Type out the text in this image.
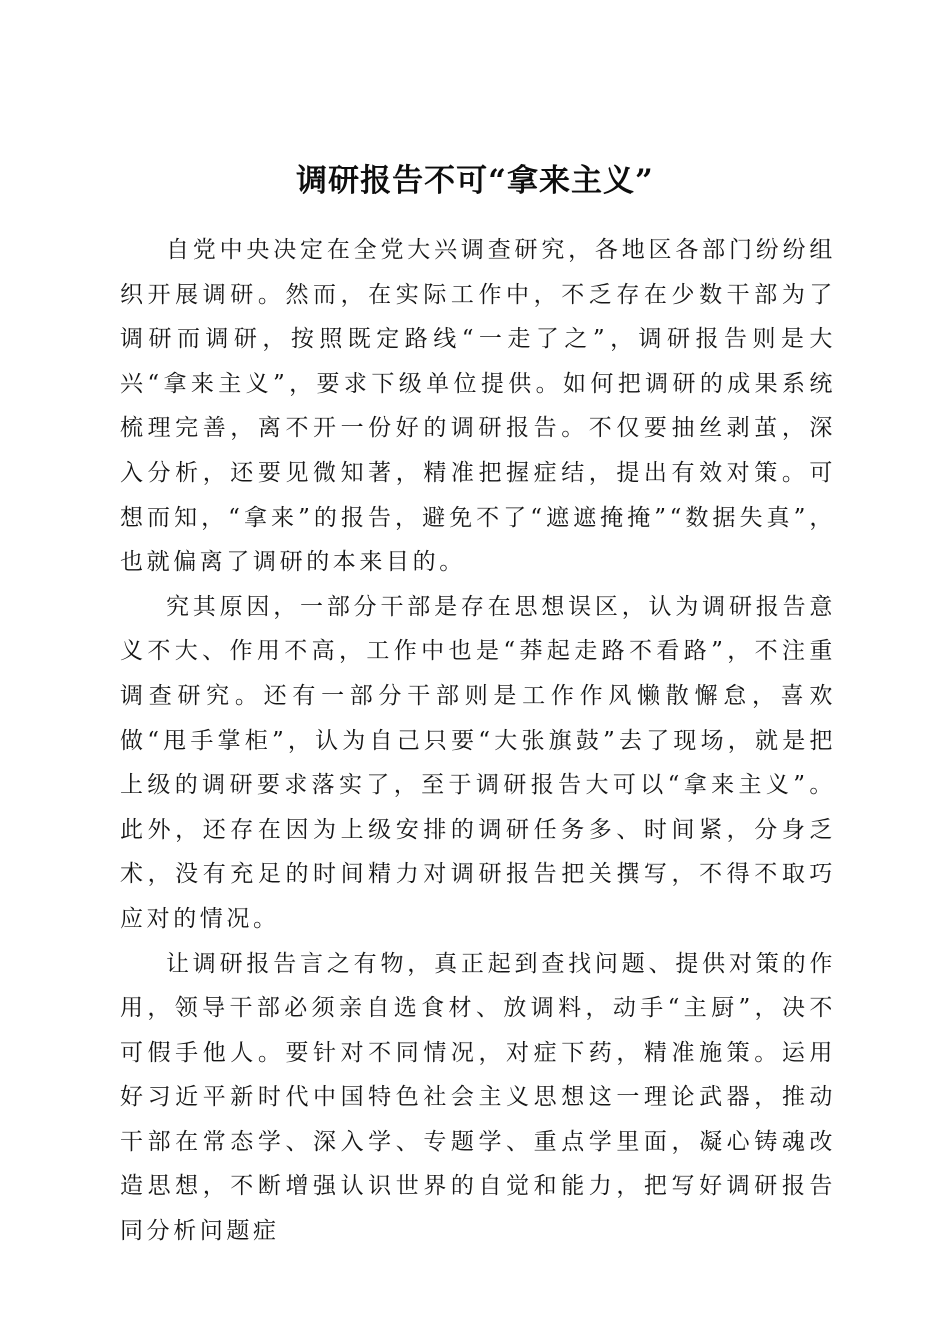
调研报告不可“拿来主义”

自党中央决定在全党大兴调查研究，各地区各部门纷纷组织开展调研。然而，在实际工作中，不乏存在少数干部为了调研而调研，按照既定路线“一走了之”，调研报告则是大兴“拿来主义”，要求下级单位提供。如何把调研的成果系统梳理完善，离不开一份好的调研报告。不仅要抽丝剥茧，深入分析，还要见微知著，精准把握症结，提出有效对策。可想而知，“拿来”的报告，避免不了“遮遮掩掩”“数据失真”，也就偏离了调研的本来目的。

究其原因，一部分干部是存在思想误区，认为调研报告意义不大、作用不高，工作中也是“莽起走路不看路”，不注重调查研究。还有一部分干部则是工作作风懒散懈怠，喜欢做“甩手掌柜”，认为自己只要“大张旗鼓”去了现场，就是把上级的调研要求落实了，至于调研报告大可以“拿来主义”。此外，还存在因为上级安排的调研任务多、时间紧，分身乏术，没有充足的时间精力对调研报告把关撰写，不得不取巧应对的情况。

让调研报告言之有物，真正起到查找问题、提供对策的作用，领导干部必须亲自选食材、放调料，动手“主厨”，决不可假手他人。要针对不同情况，对症下药，精准施策。运用好习近平新时代中国特色社会主义思想这一理论武器，推动干部在常态学、深入学、专题学、重点学里面，凝心铸魂改造思想，不断增强认识世界的自觉和能力，把写好调研报告同分析问题症
